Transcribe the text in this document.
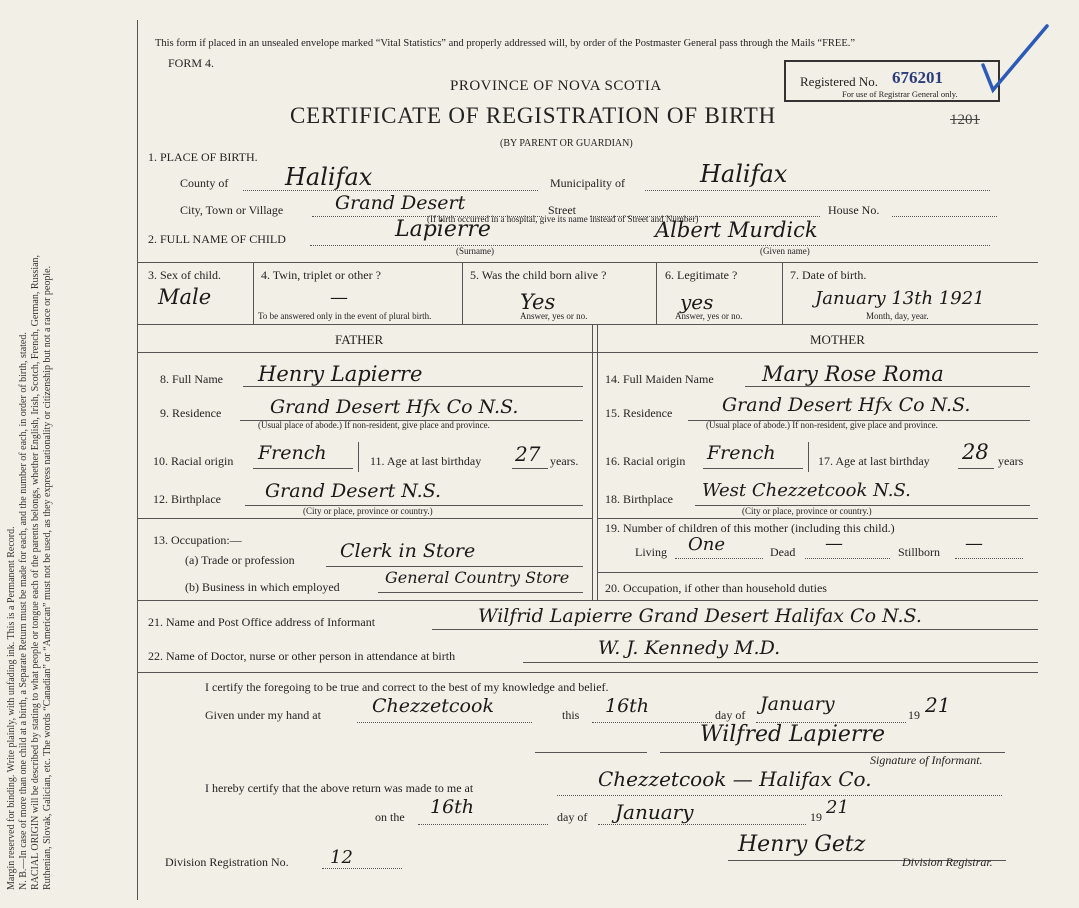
Margin reserved for binding. Write plainly, with unfading ink. This is a Permanent Record. N. B.—In case of more than one child at a birth, a Separate Return must be made for each, and the number of each, in order of birth, stated. RACIAL ORIGIN will be described by stating to what people or tongue each of the parents belongs, whether English, Irish, Scotch, French, German, Russian, Ruthenian, Slovak, Galician, etc. The words “Canadian” or “American” must not be used, as they express nationality or citizenship but not a race or people.
This form if placed in an unsealed envelope marked “Vital Statistics” and properly addressed will, by order of the Postmaster General pass through the Mails “FREE.”
FORM 4.
PROVINCE OF NOVA SCOTIA
CERTIFICATE OF REGISTRATION OF BIRTH
(BY PARENT OR GUARDIAN)
Registered No. 676201
For use of Registrar General only.
1201
1. PLACE OF BIRTH.
County of Halifax	Municipality of	Halifax
City, Town or Village	Grand Desert	Street	House No.
(If birth occurred in a hospital, give its name instead of Street and Number)
2. FULL NAME OF CHILD	Lapierre
(Surname)
Albert Murdick
(Given name)
3. Sex of child.
Male
4. Twin, triplet or other ?
—
To be answered only in the event of plural birth.
5. Was the child born alive ?
Yes
Answer, yes or no.
6. Legitimate ?
yes
Answer, yes or no.
7. Date of birth.
January 13th 1921
Month, day, year.
FATHER	MOTHER
8. Full Name Henry Lapierre
9. Residence	Grand Desert Hfx Co N.S.
(Usual place of abode.) If non-resident, give place and province.
10. Racial origin French	11. Age at last birthday 27 years.
12. Birthplace Grand Desert N.S.
(City or place, province or country.)
13. Occupation:—
(a) Trade or profession Clerk in Store
(b) Business in which employed	General Country Store
14. Full Maiden Name Mary Rose Roma
15. Residence	Grand Desert Hfx Co N.S.
(Usual place of abode.) If non-resident, give place and province.
16. Racial origin French	17. Age at last birthday 28 years
18. Birthplace West Chezzetcook N.S.
(City or place, province or country.)
19. Number of children of this mother (including this child.)
Living One	Dead —	Stillborn —
20. Occupation, if other than household duties
21. Name and Post Office address of Informant	Wilfrid Lapierre Grand Desert Halifax Co N.S.
22. Name of Doctor, nurse or other person in attendance at birth	W. J. Kennedy M.D.
I certify the foregoing to be true and correct to the best of my knowledge and belief.
Given under my hand at	Chezzetcook	this 16th	day of January	19 21
Wilfred Lapierre
Signature of Informant.
I hereby certify that the above return was made to me at	Chezzetcook — Halifax Co.
on the 16th	day of January	19 21
Henry Getz
Division Registrar.
Division Registration No. 12
